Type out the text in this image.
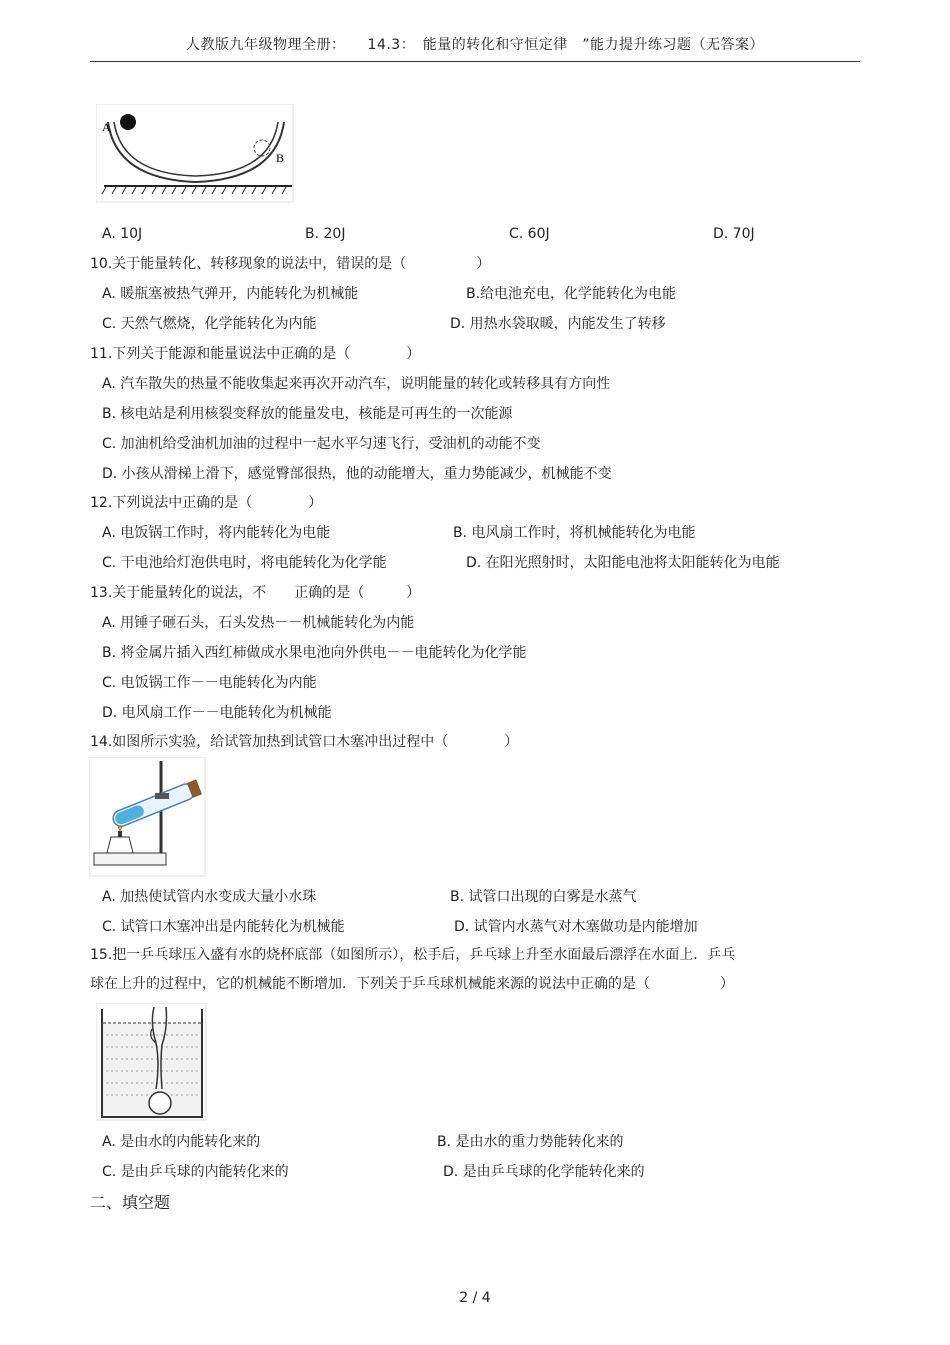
人教版九年级物理全册：　　14.3：　能量的转化和守恒定律　”能力提升练习题（无答案）
A
B
A. 10J	B. 20J	C. 60J	D. 70J
10.关于能量转化、转移现象的说法中，错误的是（　　　　　）
A. 暖瓶塞被热气弹开，内能转化为机械能	B.给电池充电，化学能转化为电能
C. 天然气燃烧，化学能转化为内能	D. 用热水袋取暖，内能发生了转移
11.下列关于能源和能量说法中正确的是（　　　　）
A. 汽车散失的热量不能收集起来再次开动汽车，说明能量的转化或转移具有方向性
B. 核电站是利用核裂变释放的能量发电，核能是可再生的一次能源
C. 加油机给受油机加油的过程中一起水平匀速飞行，受油机的动能不变
D. 小孩从滑梯上滑下，感觉臀部很热，他的动能增大，重力势能减少，机械能不变
12.下列说法中正确的是（　　　　）
A. 电饭锅工作时，将内能转化为电能	B. 电风扇工作时，将机械能转化为电能
C. 干电池给灯泡供电时，将电能转化为化学能	D. 在阳光照射时，太阳能电池将太阳能转化为电能
13.关于能量转化的说法，不　　正确的是（　　　）
A. 用锤子砸石头，石头发热－－机械能转化为内能
B. 将金属片插入西红柿做成水果电池向外供电－－电能转化为化学能
C. 电饭锅工作－－电能转化为内能
D. 电风扇工作－－电能转化为机械能
14.如图所示实验，给试管加热到试管口木塞冲出过程中（　　　　）
A. 加热使试管内水变成大量小水珠	B. 试管口出现的白雾是水蒸气
C. 试管口木塞冲出是内能转化为机械能	D. 试管内水蒸气对木塞做功是内能增加
15.把一乒乓球压入盛有水的烧杯底部（如图所示），松手后，乒乓球上升至水面最后漂浮在水面上．乒乓
球在上升的过程中，它的机械能不断增加．下列关于乒乓球机械能来源的说法中正确的是（　　　　　）
A. 是由水的内能转化来的	B. 是由水的重力势能转化来的
C. 是由乒乓球的内能转化来的	D. 是由乒乓球的化学能转化来的
二、填空题
2 / 4
